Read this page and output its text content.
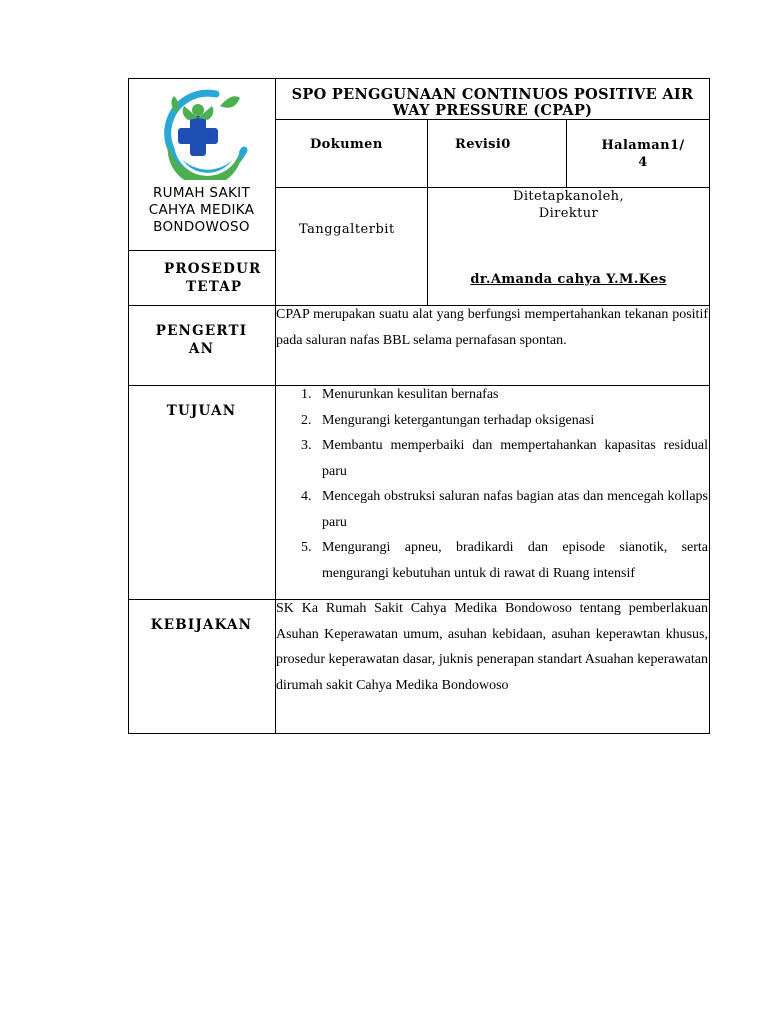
RUMAH SAKIT
CAHYA MEDIKA
BONDOWOSO
SPO PENGGUNAAN CONTINUOS POSITIVE AIR
WAY PRESSURE (CPAP)
Dokumen	Revisi0	Halaman1/
4
Tanggalterbit
Ditetapkanoleh,
Direktur
dr.Amanda cahya Y.M.Kes
PROSEDUR
TETAP
PENGERTI
AN
CPAP merupakan suatu alat yang berfungsi mempertahankan tekanan positif pada saluran nafas BBL selama pernafasan spontan.
TUJUAN
1. Menurunkan kesulitan bernafas
2. Mengurangi ketergantungan terhadap oksigenasi
3. Membantu memperbaiki dan mempertahankan kapasitas residual paru
4. Mencegah obstruksi saluran nafas bagian atas dan mencegah kollaps paru
5. Mengurangi apneu, bradikardi dan episode sianotik, serta mengurangi kebutuhan untuk di rawat di Ruang intensif
KEBIJAKAN
SK Ka Rumah Sakit Cahya Medika Bondowoso tentang pemberlakuan Asuhan Keperawatan umum, asuhan kebidaan, asuhan keperawtan khusus, prosedur keperawatan dasar, juknis penerapan standart Asuahan keperawatan dirumah sakit Cahya Medika Bondowoso
